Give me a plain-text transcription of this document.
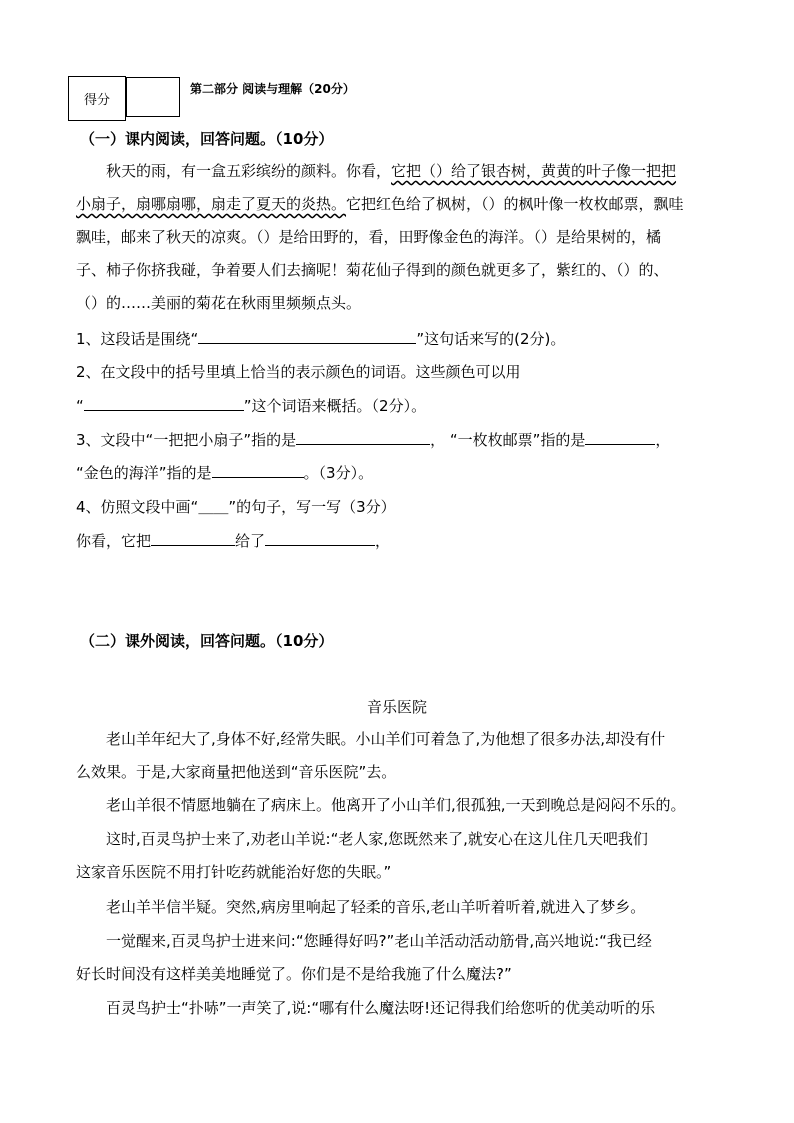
得分	
第二部分 阅读与理解（20分）
（一）课内阅读，回答问题。（10分）
秋天的雨，有一盒五彩缤纷的颜料。你看，它把（）给了银杏树，黄黄的叶子像一把把
小扇子，扇哪扇哪，扇走了夏天的炎热。它把红色给了枫树，（）的枫叶像一枚枚邮票，飘哇
飘哇，邮来了秋天的凉爽。（）是给田野的，看，田野像金色的海洋。（）是给果树的，橘
子、柿子你挤我碰，争着要人们去摘呢！菊花仙子得到的颜色就更多了，紫红的、（）的、
（）的……美丽的菊花在秋雨里频频点头。
1、这段话是围绕“	”这句话来写的(2分)。
2、在文段中的括号里填上恰当的表示颜色的词语。这些颜色可以用
“	”这个词语来概括。（2分）。
3、文段中“一把把小扇子”指的是	， “一枚枚邮票”指的是	，
“金色的海洋”指的是	。（3分）。
4、仿照文段中画“＿＿”的句子，写一写（3分）
你看，它把	给了	，
（二）课外阅读，回答问题。（10分）
音乐医院
老山羊年纪大了,身体不好,经常失眠。小山羊们可着急了,为他想了很多办法,却没有什
么效果。于是,大家商量把他送到“音乐医院”去。
老山羊很不情愿地躺在了病床上。他离开了小山羊们,很孤独,一天到晚总是闷闷不乐的。
这时,百灵鸟护士来了,劝老山羊说:“老人家,您既然来了,就安心在这儿住几天吧我们
这家音乐医院不用打针吃药就能治好您的失眠。”
老山羊半信半疑。突然,病房里响起了轻柔的音乐,老山羊听着听着,就进入了梦乡。
一觉醒来,百灵鸟护士进来问:“您睡得好吗?”老山羊活动活动筋骨,高兴地说:“我已经
好长时间没有这样美美地睡觉了。你们是不是给我施了什么魔法?”
百灵鸟护士“扑哧”一声笑了,说:“哪有什么魔法呀!还记得我们给您听的优美动听的乐
